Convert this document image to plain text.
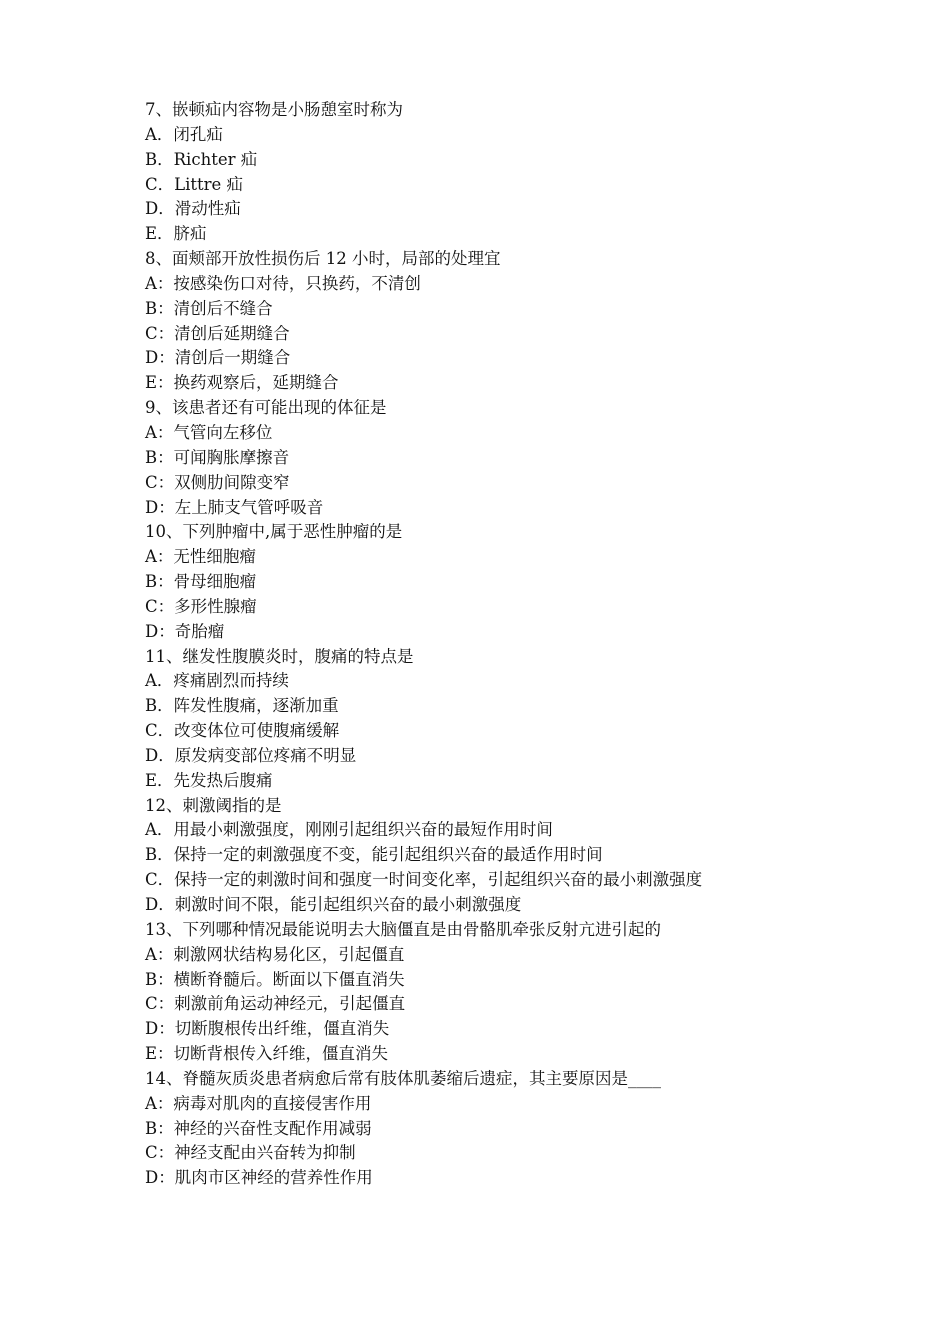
7、嵌顿疝内容物是小肠憩室时称为
A．闭孔疝
B．Richter 疝
C．Littre 疝
D．滑动性疝
E．脐疝
8、面颊部开放性损伤后 12 小时，局部的处理宜
A：按感染伤口对待，只换药，不清创
B：清创后不缝合
C：清创后延期缝合
D：清创后一期缝合
E：换药观察后，延期缝合
9、该患者还有可能出现的体征是
A：气管向左移位
B：可闻胸胀摩擦音
C：双侧肋间隙变窄
D：左上肺支气管呼吸音
10、下列肿瘤中,属于恶性肿瘤的是
A：无性细胞瘤
B：骨母细胞瘤
C：多形性腺瘤
D：奇胎瘤
11、继发性腹膜炎时，腹痛的特点是
A．疼痛剧烈而持续
B．阵发性腹痛，逐渐加重
C．改变体位可使腹痛缓解
D．原发病变部位疼痛不明显
E．先发热后腹痛
12、刺激阈指的是
A．用最小刺激强度，刚刚引起组织兴奋的最短作用时间
B．保持一定的刺激强度不变，能引起组织兴奋的最适作用时间
C．保持一定的刺激时间和强度一时间变化率，引起组织兴奋的最小刺激强度
D．刺激时间不限，能引起组织兴奋的最小刺激强度
13、下列哪种情况最能说明去大脑僵直是由骨骼肌牵张反射亢进引起的
A：刺激网状结构易化区，引起僵直
B：横断脊髓后。断面以下僵直消失
C：刺激前角运动神经元，引起僵直
D：切断腹根传出纤维，僵直消失
E：切断背根传入纤维，僵直消失
14、脊髓灰质炎患者病愈后常有肢体肌萎缩后遗症，其主要原因是____
A：病毒对肌肉的直接侵害作用
B：神经的兴奋性支配作用减弱
C：神经支配由兴奋转为抑制
D：肌肉市区神经的营养性作用
